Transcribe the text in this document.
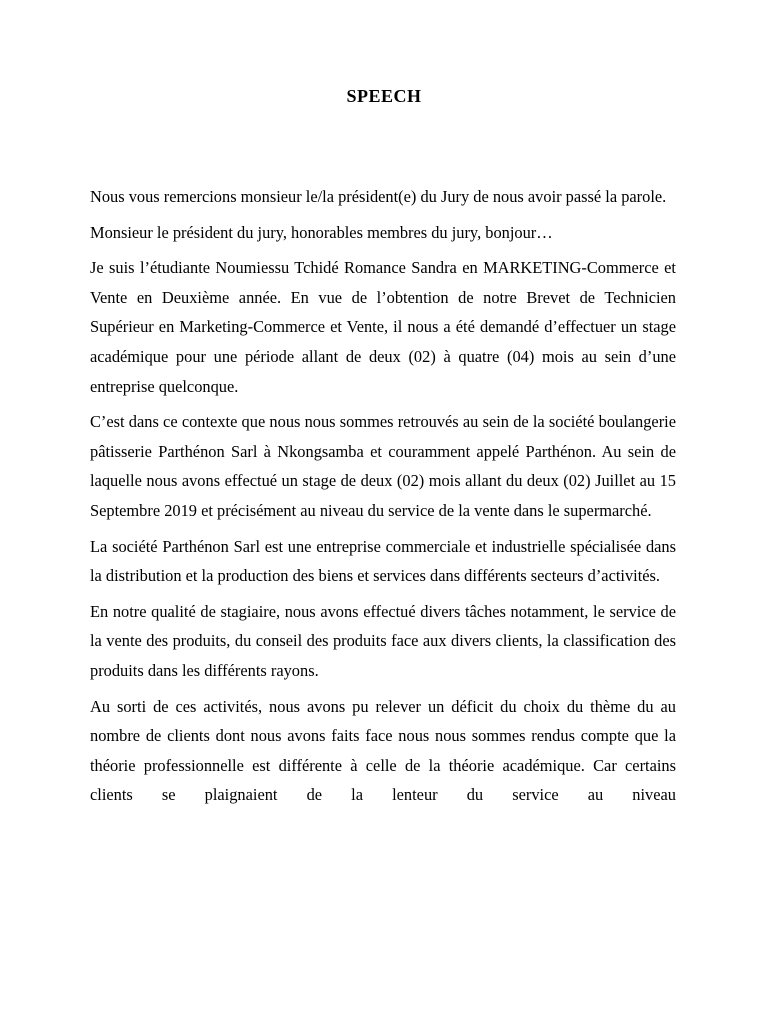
SPEECH

Nous vous remercions monsieur le/la président(e) du Jury de nous avoir passé la parole.

Monsieur le président du jury, honorables membres du jury, bonjour…

Je suis l’étudiante Noumiessu Tchidé Romance Sandra en MARKETING-Commerce et Vente en Deuxième année. En vue de l’obtention de notre Brevet de Technicien Supérieur en Marketing-Commerce et Vente, il nous a été demandé d’effectuer un stage académique pour une période allant de deux (02) à quatre (04) mois au sein d’une entreprise quelconque.

C’est dans ce contexte que nous nous sommes retrouvés au sein de la société boulangerie pâtisserie Parthénon Sarl à Nkongsamba et couramment appelé Parthénon. Au sein de laquelle nous avons effectué un stage de deux (02) mois allant du deux (02) Juillet au 15 Septembre 2019 et précisément au niveau du service de la vente dans le supermarché.

La société Parthénon Sarl est une entreprise commerciale et industrielle spécialisée dans la distribution et la production des biens et services dans différents secteurs d’activités.

En notre qualité de stagiaire, nous avons effectué divers tâches notamment, le service de la vente des produits, du conseil des produits face aux divers clients, la classification des produits dans les différents rayons.

Au sorti de ces activités, nous avons pu relever un déficit du choix du thème du au nombre de clients dont nous avons faits face nous nous sommes rendus compte que la théorie professionnelle est différente à celle de la théorie académique. Car certains clients se plaignaient de la lenteur du service au niveau
